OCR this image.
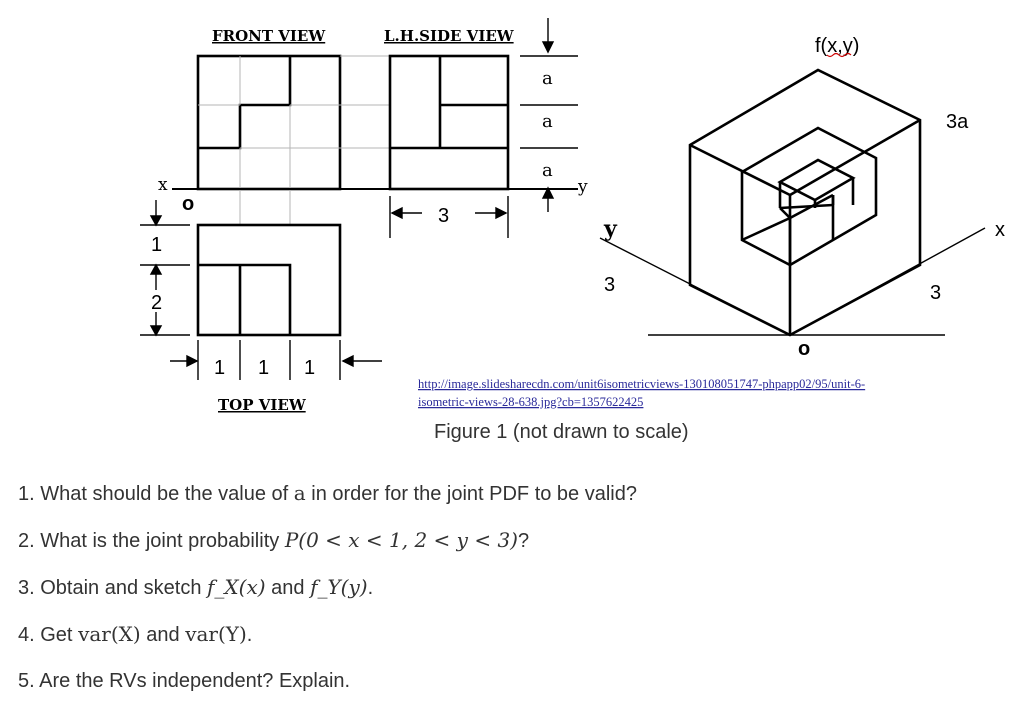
a
a
a
x	y
o
3
1
2
1 1 1
FRONT VIEW	L.H.SIDE VIEW
TOP VIEW
f(x,y)
3a
x
y
3	3
o
http://image.slidesharecdn.com/unit6isometricviews-130108051747-phpapp02/95/unit-6-
isometric-views-28-638.jpg?cb=1357622425
Figure 1 (not drawn to scale)
1. What should be the value of a in order for the joint PDF to be valid?
2. What is the joint probability P(0 < x < 1, 2 < y < 3)?
3. Obtain and sketch f_X(x) and f_Y(y).
4. Get var(X) and var(Y).
5. Are the RVs independent? Explain.
